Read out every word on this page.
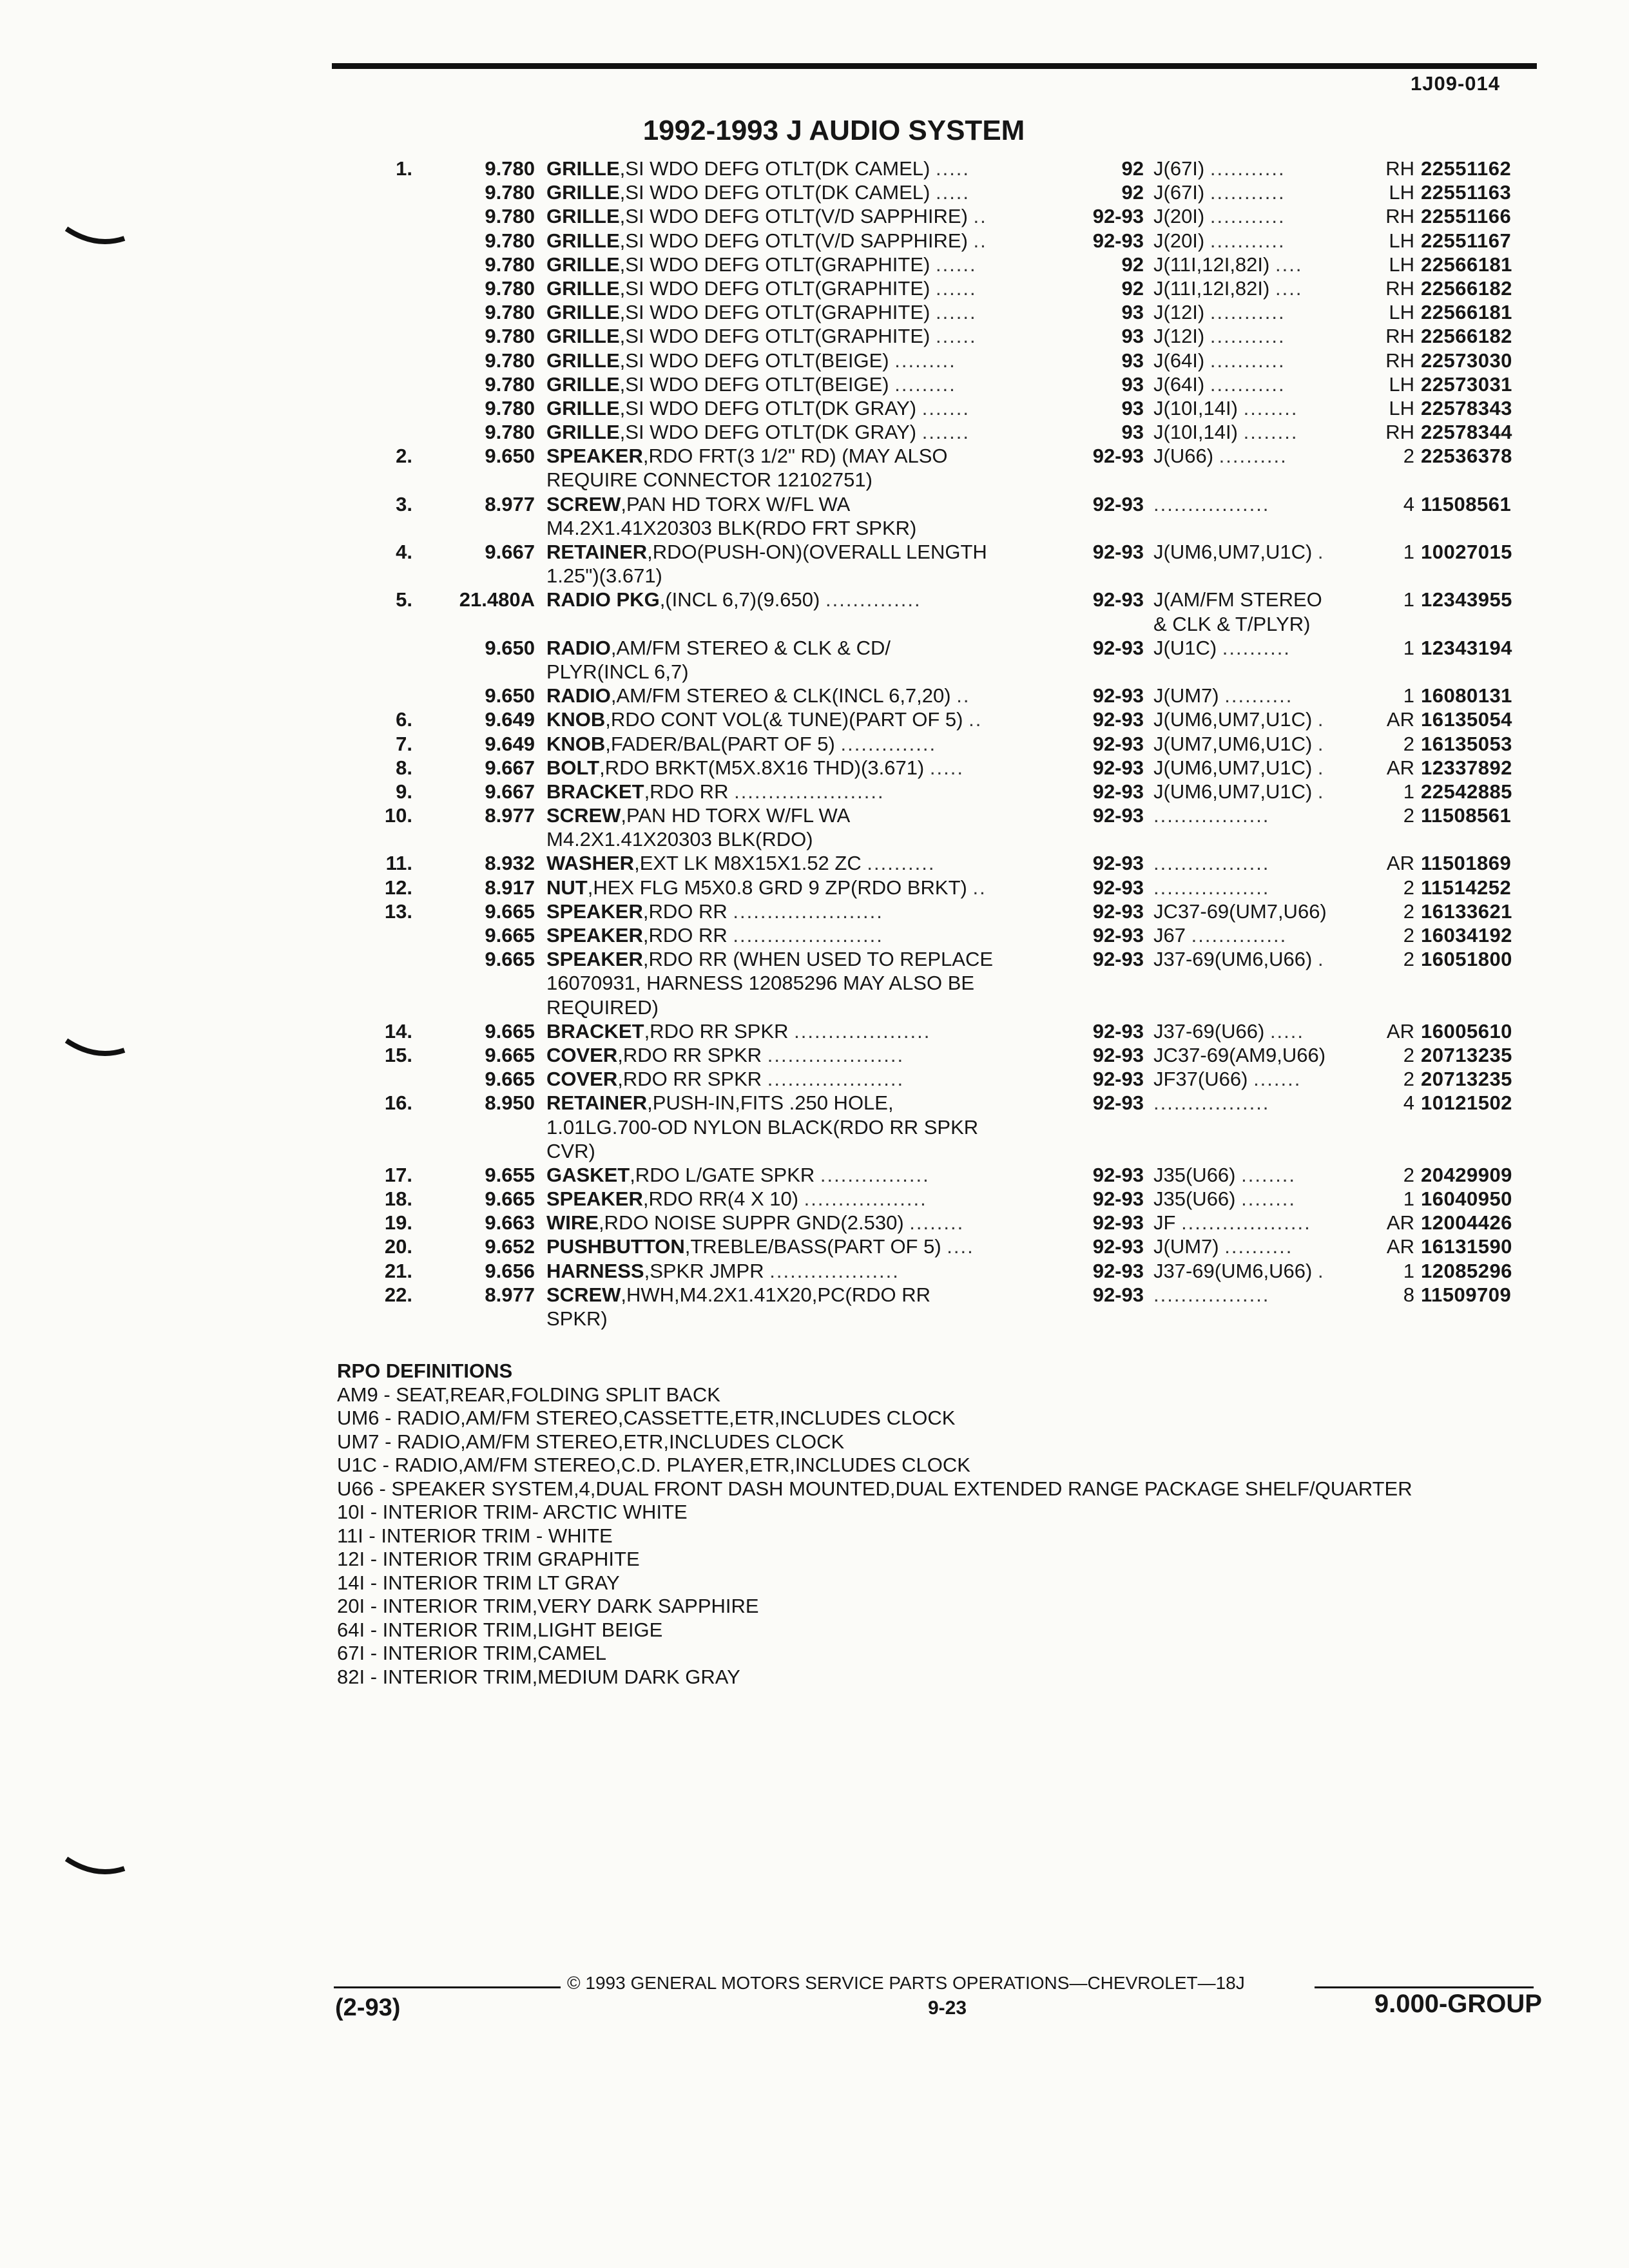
1J09-014
1992-1993 J AUDIO SYSTEM
1.	9.780 GRILLE,SI WDO DEFG OTLT(DK CAMEL) .....	92 J(67I) ...........	RH 22551162
9.780 GRILLE,SI WDO DEFG OTLT(DK CAMEL) .....	92 J(67I) ...........	LH 22551163
9.780 GRILLE,SI WDO DEFG OTLT(V/D SAPPHIRE) ..	92-93 J(20I) ...........	RH 22551166
9.780 GRILLE,SI WDO DEFG OTLT(V/D SAPPHIRE) ..	92-93 J(20I) ...........	LH 22551167
9.780 GRILLE,SI WDO DEFG OTLT(GRAPHITE) ......	92 J(11I,12I,82I) ....	LH 22566181
9.780 GRILLE,SI WDO DEFG OTLT(GRAPHITE) ......	92 J(11I,12I,82I) ....	RH 22566182
9.780 GRILLE,SI WDO DEFG OTLT(GRAPHITE) ......	93 J(12I) ...........	LH 22566181
9.780 GRILLE,SI WDO DEFG OTLT(GRAPHITE) ......	93 J(12I) ...........	RH 22566182
9.780 GRILLE,SI WDO DEFG OTLT(BEIGE) .........	93 J(64I) ...........	RH 22573030
9.780 GRILLE,SI WDO DEFG OTLT(BEIGE) .........	93 J(64I) ...........	LH 22573031
9.780 GRILLE,SI WDO DEFG OTLT(DK GRAY) .......	93 J(10I,14I) ........	LH 22578343
9.780 GRILLE,SI WDO DEFG OTLT(DK GRAY) .......	93 J(10I,14I) ........	RH 22578344
2.	9.650 SPEAKER,RDO FRT(3 1/2" RD) (MAY ALSO	92-93 J(U66) ..........	2 22536378
REQUIRE CONNECTOR 12102751)
3.	8.977 SCREW,PAN HD TORX W/FL WA	92-93 .................	4 11508561
M4.2X1.41X20303 BLK(RDO FRT SPKR)
4.	9.667 RETAINER,RDO(PUSH-ON)(OVERALL LENGTH	92-93 J(UM6,UM7,U1C) .	1 10027015
1.25")(3.671)
5.	21.480A RADIO PKG,(INCL 6,7)(9.650) ..............	92-93 J(AM/FM STEREO	1 12343955
& CLK & T/PLYR)
9.650 RADIO,AM/FM STEREO & CLK & CD/	92-93 J(U1C) ..........	1 12343194
PLYR(INCL 6,7)
9.650 RADIO,AM/FM STEREO & CLK(INCL 6,7,20) ..	92-93 J(UM7) ..........	1 16080131
6.	9.649 KNOB,RDO CONT VOL(& TUNE)(PART OF 5) ..	92-93 J(UM6,UM7,U1C) .	AR 16135054
7.	9.649 KNOB,FADER/BAL(PART OF 5) ..............	92-93 J(UM7,UM6,U1C) .	2 16135053
8.	9.667 BOLT,RDO BRKT(M5X.8X16 THD)(3.671) .....	92-93 J(UM6,UM7,U1C) .	AR 12337892
9.	9.667 BRACKET,RDO RR ......................	92-93 J(UM6,UM7,U1C) .	1 22542885
10.	8.977 SCREW,PAN HD TORX W/FL WA	92-93 .................	2 11508561
M4.2X1.41X20303 BLK(RDO)
11.	8.932 WASHER,EXT LK M8X15X1.52 ZC ..........	92-93 .................	AR 11501869
12.	8.917 NUT,HEX FLG M5X0.8 GRD 9 ZP(RDO BRKT) ..	92-93 .................	2 11514252
13.	9.665 SPEAKER,RDO RR ......................	92-93 JC37-69(UM7,U66)	2 16133621
9.665 SPEAKER,RDO RR ......................	92-93 J67 ..............	2 16034192
9.665 SPEAKER,RDO RR (WHEN USED TO REPLACE	92-93 J37-69(UM6,U66) .	2 16051800
16070931, HARNESS 12085296 MAY ALSO BE
REQUIRED)
14.	9.665 BRACKET,RDO RR SPKR ....................	92-93 J37-69(U66) .....	AR 16005610
15.	9.665 COVER,RDO RR SPKR ....................	92-93 JC37-69(AM9,U66)	2 20713235
9.665 COVER,RDO RR SPKR ....................	92-93 JF37(U66) .......	2 20713235
16.	8.950 RETAINER,PUSH-IN,FITS .250 HOLE,	92-93 .................	4 10121502
1.01LG.700-OD NYLON BLACK(RDO RR SPKR
CVR)
17.	9.655 GASKET,RDO L/GATE SPKR ................	92-93 J35(U66) ........	2 20429909
18.	9.665 SPEAKER,RDO RR(4 X 10) ..................	92-93 J35(U66) ........	1 16040950
19.	9.663 WIRE,RDO NOISE SUPPR GND(2.530) ........	92-93 JF ...................	AR 12004426
20.	9.652 PUSHBUTTON,TREBLE/BASS(PART OF 5) ....	92-93 J(UM7) ..........	AR 16131590
21.	9.656 HARNESS,SPKR JMPR ...................	92-93 J37-69(UM6,U66) .	1 12085296
22.	8.977 SCREW,HWH,M4.2X1.41X20,PC(RDO RR	92-93 .................	8 11509709
SPKR)
RPO DEFINITIONS
AM9 - SEAT,REAR,FOLDING SPLIT BACK
UM6 - RADIO,AM/FM STEREO,CASSETTE,ETR,INCLUDES CLOCK
UM7 - RADIO,AM/FM STEREO,ETR,INCLUDES CLOCK
U1C - RADIO,AM/FM STEREO,C.D. PLAYER,ETR,INCLUDES CLOCK
U66 - SPEAKER SYSTEM,4,DUAL FRONT DASH MOUNTED,DUAL EXTENDED RANGE PACKAGE SHELF/QUARTER
10I - INTERIOR TRIM- ARCTIC WHITE
11I - INTERIOR TRIM - WHITE
12I - INTERIOR TRIM GRAPHITE
14I - INTERIOR TRIM LT GRAY
20I - INTERIOR TRIM,VERY DARK SAPPHIRE
64I - INTERIOR TRIM,LIGHT BEIGE
67I - INTERIOR TRIM,CAMEL
82I - INTERIOR TRIM,MEDIUM DARK GRAY
© 1993 GENERAL MOTORS SERVICE PARTS OPERATIONS—CHEVROLET—18J
(2-93)	9-23	9.000-GROUP
